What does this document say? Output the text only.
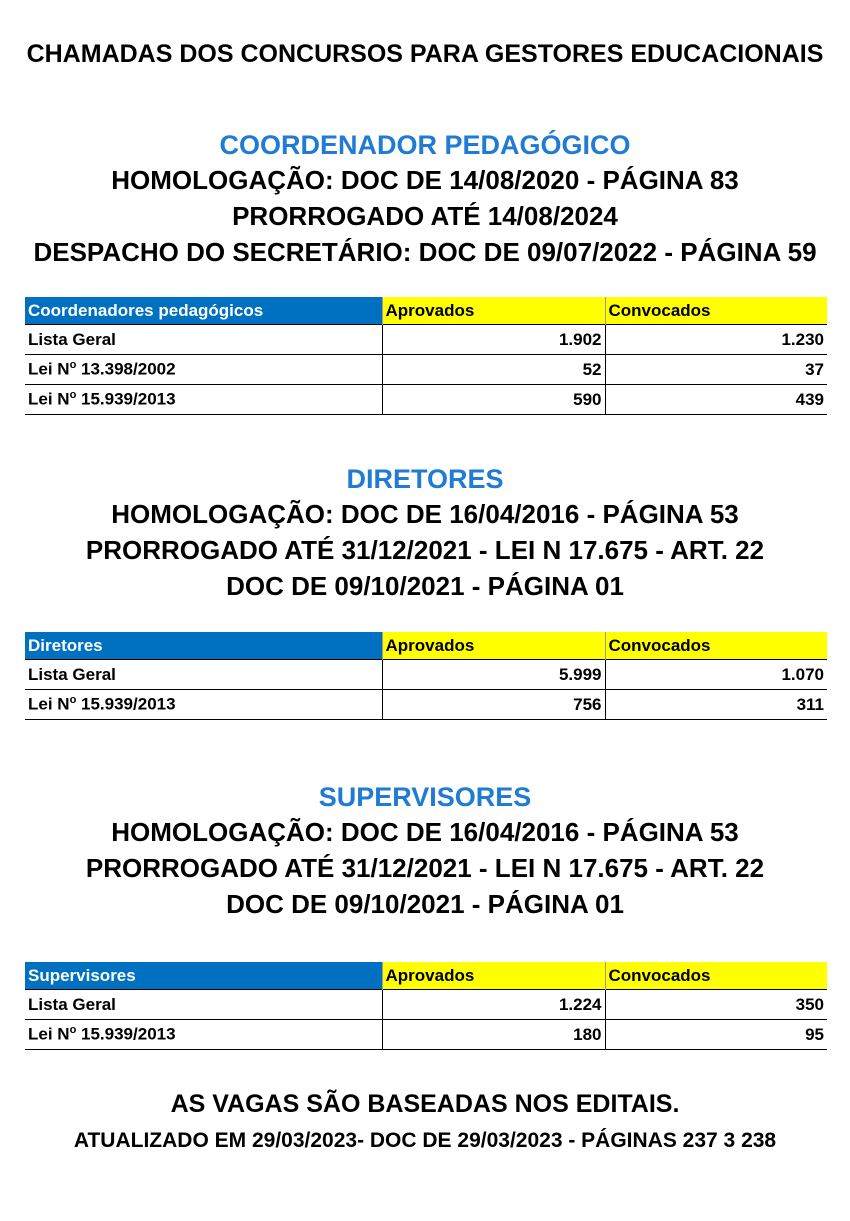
CHAMADAS DOS CONCURSOS PARA GESTORES EDUCACIONAIS
COORDENADOR PEDAGÓGICO
HOMOLOGAÇÃO: DOC DE 14/08/2020 - PÁGINA 83
PRORROGADO ATÉ 14/08/2024
DESPACHO DO SECRETÁRIO: DOC DE 09/07/2022 - PÁGINA 59
Coordenadores pedagógicos	Aprovados	Convocados
Lista Geral	1.902	1.230
Lei $N^o$ 13.398/2002	52	37
Lei $N^o$ 15.939/2013	590	439
DIRETORES
HOMOLOGAÇÃO: DOC DE 16/04/2016 - PÁGINA 53
PRORROGADO ATÉ 31/12/2021 - LEI N 17.675 - ART. 22
DOC DE 09/10/2021 - PÁGINA 01
Diretores	Aprovados	Convocados
Lista Geral	5.999	1.070
Lei $N^o$ 15.939/2013	756	311
SUPERVISORES
HOMOLOGAÇÃO: DOC DE 16/04/2016 - PÁGINA 53
PRORROGADO ATÉ 31/12/2021 - LEI N 17.675 - ART. 22
DOC DE 09/10/2021 - PÁGINA 01
Supervisores	Aprovados	Convocados
Lista Geral	1.224	350
Lei $N^o$ 15.939/2013	180	95
AS VAGAS SÃO BASEADAS NOS EDITAIS.
ATUALIZADO EM 29/03/2023- DOC DE 29/03/2023 - PÁGINAS 237 3 238
